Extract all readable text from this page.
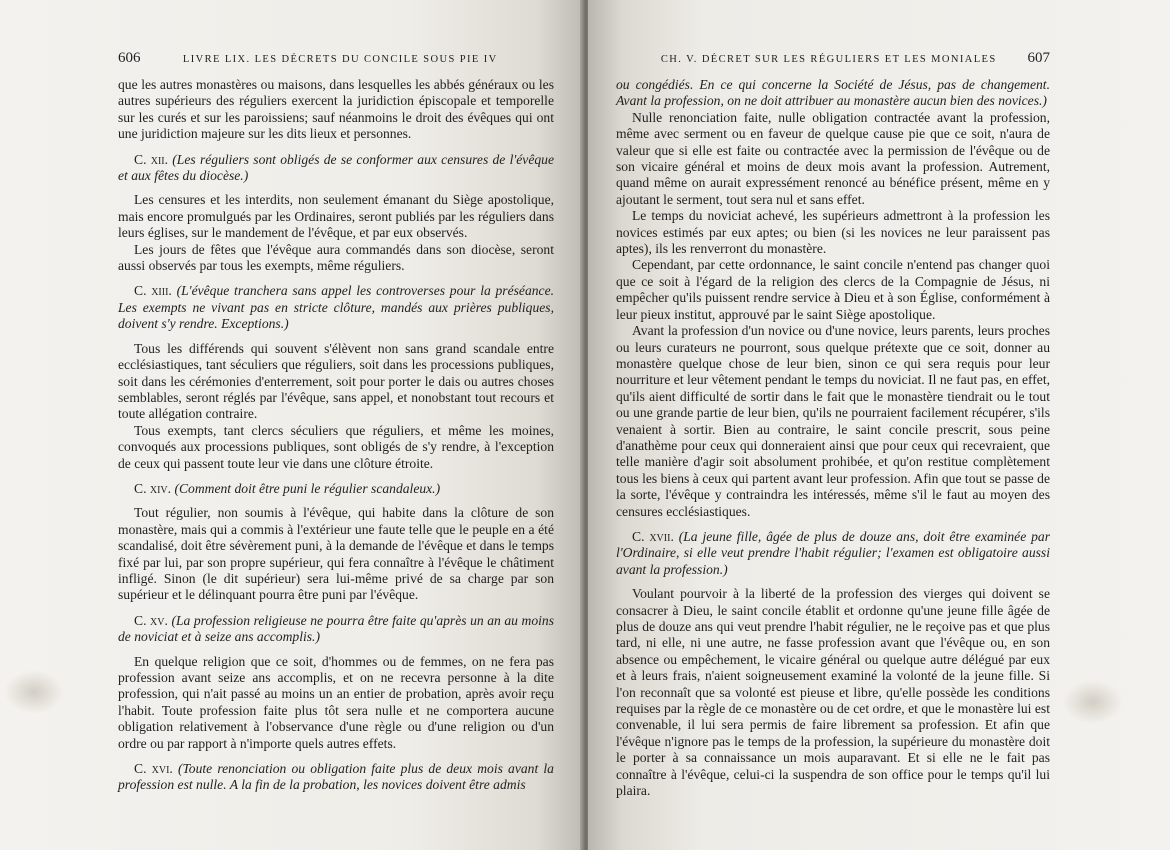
606	LIVRE LIX. LES DÉCRETS DU CONCILE SOUS PIE IV

que les autres monastères ou maisons, dans lesquelles les abbés généraux ou les autres supérieurs des réguliers exercent la juridiction épiscopale et temporelle sur les curés et sur les paroissiens; sauf néanmoins le droit des évêques qui ont une juridiction majeure sur les dits lieux et personnes.

C. xii. (Les réguliers sont obligés de se conformer aux censures de l'évêque et aux fêtes du diocèse.)

Les censures et les interdits, non seulement émanant du Siège apostolique, mais encore promulgués par les Ordinaires, seront publiés par les réguliers dans leurs églises, sur le mandement de l'évêque, et par eux observés.

Les jours de fêtes que l'évêque aura commandés dans son diocèse, seront aussi observés par tous les exempts, même réguliers.

C. xiii. (L'évêque tranchera sans appel les controverses pour la préséance. Les exempts ne vivant pas en stricte clôture, mandés aux prières publiques, doivent s'y rendre. Exceptions.)

Tous les différends qui souvent s'élèvent non sans grand scandale entre ecclésiastiques, tant séculiers que réguliers, soit dans les processions publiques, soit dans les cérémonies d'enterrement, soit pour porter le dais ou autres choses semblables, seront réglés par l'évêque, sans appel, et nonobstant tout recours et toute allégation contraire.

Tous exempts, tant clercs séculiers que réguliers, et même les moines, convoqués aux processions publiques, sont obligés de s'y rendre, à l'exception de ceux qui passent toute leur vie dans une clôture étroite.

C. xiv. (Comment doit être puni le régulier scandaleux.)

Tout régulier, non soumis à l'évêque, qui habite dans la clôture de son monastère, mais qui a commis à l'extérieur une faute telle que le peuple en a été scandalisé, doit être sévèrement puni, à la demande de l'évêque et dans le temps fixé par lui, par son propre supérieur, qui fera connaître à l'évêque le châtiment infligé. Sinon (le dit supérieur) sera lui-même privé de sa charge par son supérieur et le délinquant pourra être puni par l'évêque.

C. xv. (La profession religieuse ne pourra être faite qu'après un an au moins de noviciat et à seize ans accomplis.)

En quelque religion que ce soit, d'hommes ou de femmes, on ne fera pas profession avant seize ans accomplis, et on ne recevra personne à la dite profession, qui n'ait passé au moins un an entier de probation, après avoir reçu l'habit. Toute profession faite plus tôt sera nulle et ne comportera aucune obligation relativement à l'observance d'une règle ou d'une religion ou d'un ordre ou par rapport à n'importe quels autres effets.

C. xvi. (Toute renonciation ou obligation faite plus de deux mois avant la profession est nulle. A la fin de la probation, les novices doivent être admis

CH. V. DÉCRET SUR LES RÉGULIERS ET LES MONIALES 607

ou congédiés. En ce qui concerne la Société de Jésus, pas de changement. Avant la profession, on ne doit attribuer au monastère aucun bien des novices.)

Nulle renonciation faite, nulle obligation contractée avant la profession, même avec serment ou en faveur de quelque cause pie que ce soit, n'aura de valeur que si elle est faite ou contractée avec la permission de l'évêque ou de son vicaire général et moins de deux mois avant la profession. Autrement, quand même on aurait expressément renoncé au bénéfice présent, même en y ajoutant le serment, tout sera nul et sans effet.

Le temps du noviciat achevé, les supérieurs admettront à la profession les novices estimés par eux aptes; ou bien (si les novices ne leur paraissent pas aptes), ils les renverront du monastère.

Cependant, par cette ordonnance, le saint concile n'entend pas changer quoi que ce soit à l'égard de la religion des clercs de la Compagnie de Jésus, ni empêcher qu'ils puissent rendre service à Dieu et à son Église, conformément à leur pieux institut, approuvé par le saint Siège apostolique.

Avant la profession d'un novice ou d'une novice, leurs parents, leurs proches ou leurs curateurs ne pourront, sous quelque prétexte que ce soit, donner au monastère quelque chose de leur bien, sinon ce qui sera requis pour leur nourriture et leur vêtement pendant le temps du noviciat. Il ne faut pas, en effet, qu'ils aient difficulté de sortir dans le fait que le monastère tiendrait ou le tout ou une grande partie de leur bien, qu'ils ne pourraient facilement récupérer, s'ils venaient à sortir. Bien au contraire, le saint concile prescrit, sous peine d'anathème pour ceux qui donneraient ainsi que pour ceux qui recevraient, que telle manière d'agir soit absolument prohibée, et qu'on restitue complètement tous les biens à ceux qui partent avant leur profession. Afin que tout se passe de la sorte, l'évêque y contraindra les intéressés, même s'il le faut au moyen des censures ecclésiastiques.

C. xvii. (La jeune fille, âgée de plus de douze ans, doit être examinée par l'Ordinaire, si elle veut prendre l'habit régulier; l'examen est obligatoire aussi avant la profession.)

Voulant pourvoir à la liberté de la profession des vierges qui doivent se consacrer à Dieu, le saint concile établit et ordonne qu'une jeune fille âgée de plus de douze ans qui veut prendre l'habit régulier, ne le reçoive pas et que plus tard, ni elle, ni une autre, ne fasse profession avant que l'évêque ou, en son absence ou empêchement, le vicaire général ou quelque autre délégué par eux et à leurs frais, n'aient soigneusement examiné la volonté de la jeune fille. Si l'on reconnaît que sa volonté est pieuse et libre, qu'elle possède les conditions requises par la règle de ce monastère ou de cet ordre, et que le monastère lui est convenable, il lui sera permis de faire librement sa profession. Et afin que l'évêque n'ignore pas le temps de la profession, la supérieure du monastère doit le porter à sa connaissance un mois auparavant. Et si elle ne le fait pas connaître à l'évêque, celui-ci la suspendra de son office pour le temps qu'il lui plaira.
